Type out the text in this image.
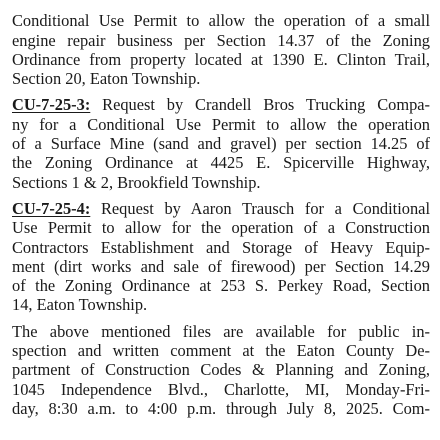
Conditional Use Permit to allow the operation of a small
engine repair business per Section 14.37 of the Zoning
Ordinance from property located at 1390 E. Clinton Trail,
Section 20, Eaton Township.
CU-7-25-3: Request by Crandell Bros Trucking Compa-
ny for a Conditional Use Permit to allow the operation
of a Surface Mine (sand and gravel) per section 14.25 of
the Zoning Ordinance at 4425 E. Spicerville Highway,
Sections 1 & 2, Brookfield Township.
CU-7-25-4: Request by Aaron Trausch for a Conditional
Use Permit to allow for the operation of a Construction
Contractors Establishment and Storage of Heavy Equip-
ment (dirt works and sale of firewood) per Section 14.29
of the Zoning Ordinance at 253 S. Perkey Road, Section
14, Eaton Township.
The above mentioned files are available for public in-
spection and written comment at the Eaton County De-
partment of Construction Codes & Planning and Zoning,
1045 Independence Blvd., Charlotte, MI, Monday-Fri-
day, 8:30 a.m. to 4:00 p.m. through July 8, 2025. Com-
